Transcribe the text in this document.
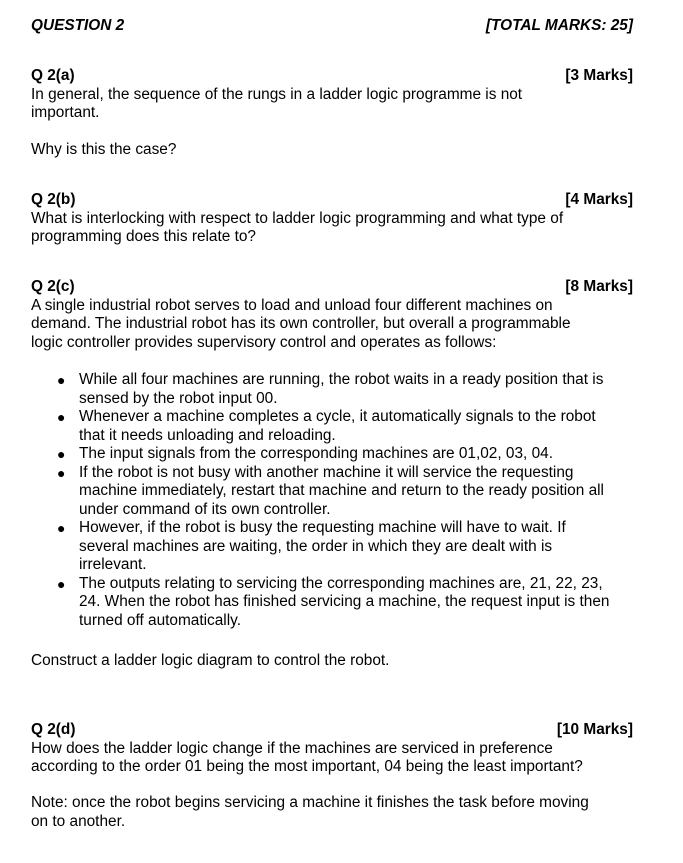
QUESTION 2	[TOTAL MARKS: 25]
Q 2(a)	[3 Marks]

In general, the sequence of the rungs in a ladder logic programme is not

important.

Why is this the case?

Q 2(b)	[4 Marks]

What is interlocking with respect to ladder logic programming and what type of

programming does this relate to?

Q 2(c)	[8 Marks]

A single industrial robot serves to load and unload four different machines on

demand. The industrial robot has its own controller, but overall a programmable

logic controller provides supervisory control and operates as follows:

● While all four machines are running, the robot waits in a ready position that is

sensed by the robot input 00.

● Whenever a machine completes a cycle, it automatically signals to the robot

that it needs unloading and reloading.

● The input signals from the corresponding machines are 01,02, 03, 04.

● If the robot is not busy with another machine it will service the requesting

machine immediately, restart that machine and return to the ready position all

under command of its own controller.

● However, if the robot is busy the requesting machine will have to wait. If

several machines are waiting, the order in which they are dealt with is

irrelevant.

● The outputs relating to servicing the corresponding machines are, 21, 22, 23,

24. When the robot has finished servicing a machine, the request input is then

turned off automatically.

Construct a ladder logic diagram to control the robot.

Q 2(d)	[10 Marks]

How does the ladder logic change if the machines are serviced in preference

according to the order 01 being the most important, 04 being the least important?

Note: once the robot begins servicing a machine it finishes the task before moving

on to another.
